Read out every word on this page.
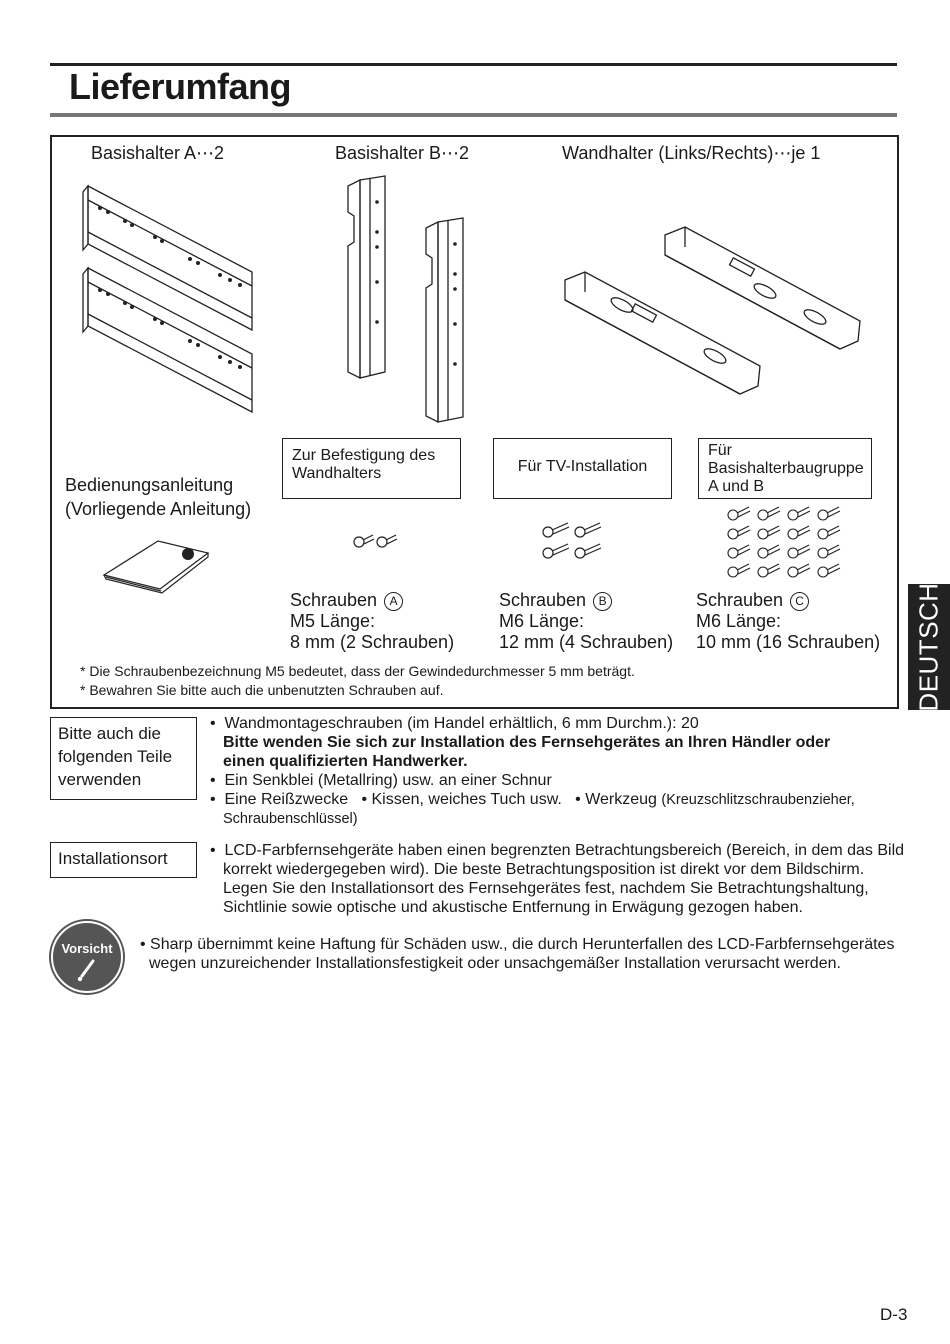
Lieferumfang
Basishalter A⋯2	Basishalter B⋯2	Wandhalter (Links/Rechts)⋯je 1
Bedienungsanleitung
(Vorliegende Anleitung)
Zur Befestigung des
Wandhalters	Für TV-Installation
Für
Basishalterbaugruppe
A und B
Schrauben A
M5 Länge:
8 mm (2 Schrauben)
Schrauben B
M6 Länge:
12 mm (4 Schrauben)
Schrauben C
M6 Länge:
10 mm (16 Schrauben)
* Die Schraubenbezeichnung M5 bedeutet, dass der Gewindedurchmesser 5 mm beträgt.
* Bewahren Sie bitte auch die unbenutzten Schrauben auf.
Bitte auch die
folgenden Teile
verwenden
•  Wandmontageschrauben (im Handel erhältlich, 6 mm Durchm.): 20
Bitte wenden Sie sich zur Installation des Fernsehgerätes an Ihren Händler oder
einen qualifizierten Handwerker.
•  Ein Senkblei (Metallring) usw. an einer Schnur
•  Eine Reißzwecke   • Kissen, weiches Tuch usw.   • Werkzeug (Kreuzschlitzschraubenzieher,
Schraubenschlüssel)
Installationsort	•  LCD-Farbfernsehgeräte haben einen begrenzten Betrachtungsbereich (Bereich, in dem das Bild
korrekt wiedergegeben wird). Die beste Betrachtungsposition ist direkt vor dem Bildschirm.
Legen Sie den Installationsort des Fernsehgerätes fest, nachdem Sie Betrachtungshaltung,
Sichtlinie sowie optische und akustische Entfernung in Erwägung gezogen haben.
Vorsicht	• Sharp übernimmt keine Haftung für Schäden usw., die durch Herunterfallen des LCD-Farbfernsehgerätes
wegen unzureichender Installationsfestigkeit oder unsachgemäßer Installation verursacht werden.
DEUTSCH
D-3
